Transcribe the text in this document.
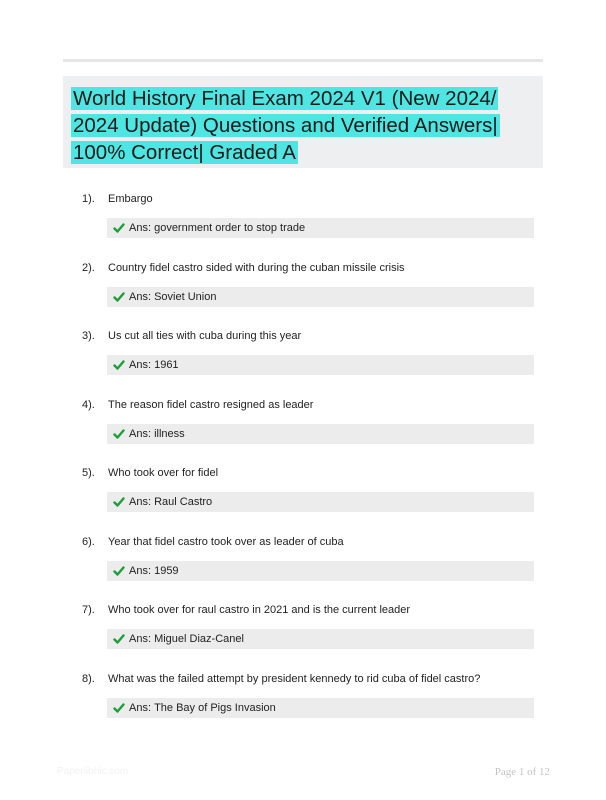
World History Final Exam 2024 V1 (New 2024/
2024 Update) Questions and Verified Answers|
100% Correct| Graded A
1). Embargo
Ans: government order to stop trade
2). Country fidel castro sided with during the cuban missile crisis
Ans: Soviet Union
3). Us cut all ties with cuba during this year
Ans: 1961
4). The reason fidel castro resigned as leader
Ans: illness
5). Who took over for fidel
Ans: Raul Castro
6). Year that fidel castro took over as leader of cuba
Ans: 1959
7). Who took over for raul castro in 2021 and is the current leader
Ans: Miguel Diaz-Canel
8). What was the failed attempt by president kennedy to rid cuba of fidel castro?
Ans: The Bay of Pigs Invasion
Paperlibhic.com	Page 1 of 12
